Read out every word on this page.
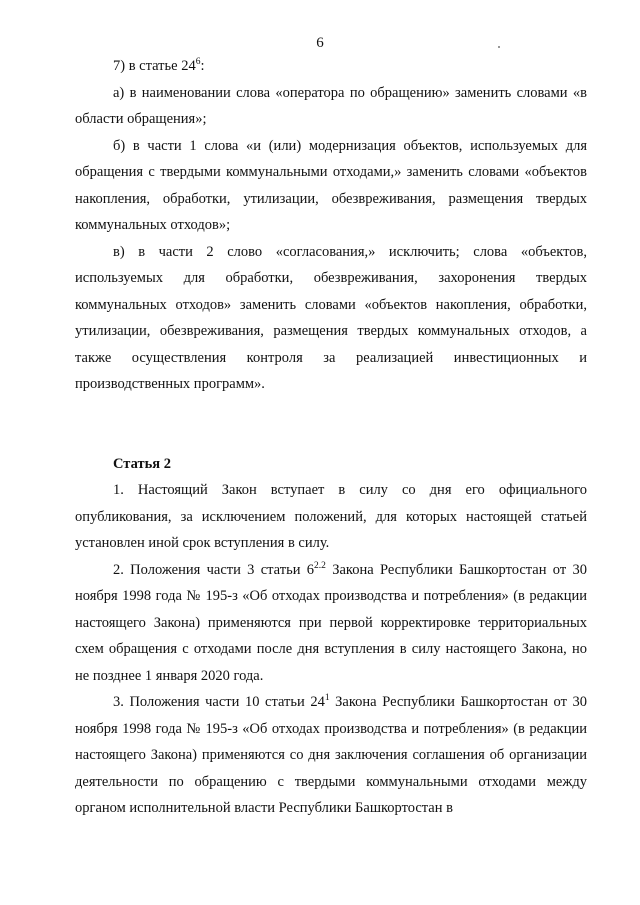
6

7) в статье $24^6$:

а) в наименовании слова «оператора по обращению» заменить словами «в области обращения»;

б) в части 1 слова «и (или) модернизация объектов, используемых для обращения с твердыми коммунальными отходами,» заменить словами «объектов накопления, обработки, утилизации, обезвреживания, размещения твердых коммунальных отходов»;

в) в части 2 слово «согласования,» исключить; слова «объектов, используемых для обработки, обезвреживания, захоронения твердых коммунальных отходов» заменить словами «объектов накопления, обработки, утилизации, обезвреживания, размещения твердых коммунальных отходов, а также осуществления контроля за реализацией инвестиционных и производственных программ».

Статья 2

1. Настоящий Закон вступает в силу со дня его официального опубликования, за исключением положений, для которых настоящей статьей установлен иной срок вступления в силу.

2. Положения части 3 статьи $6^{2.2}$ Закона Республики Башкортостан от 30 ноября 1998 года № 195-з «Об отходах производства и потребления» (в редакции настоящего Закона) применяются при первой корректировке территориальных схем обращения с отходами после дня вступления в силу настоящего Закона, но не позднее 1 января 2020 года.

3. Положения части 10 статьи $24^1$ Закона Республики Башкортостан от 30 ноября 1998 года № 195-з «Об отходах производства и потребления» (в редакции настоящего Закона) применяются со дня заключения соглашения об организации деятельности по обращению с твердыми коммунальными отходами между органом исполнительной власти Республики Башкортостан в
